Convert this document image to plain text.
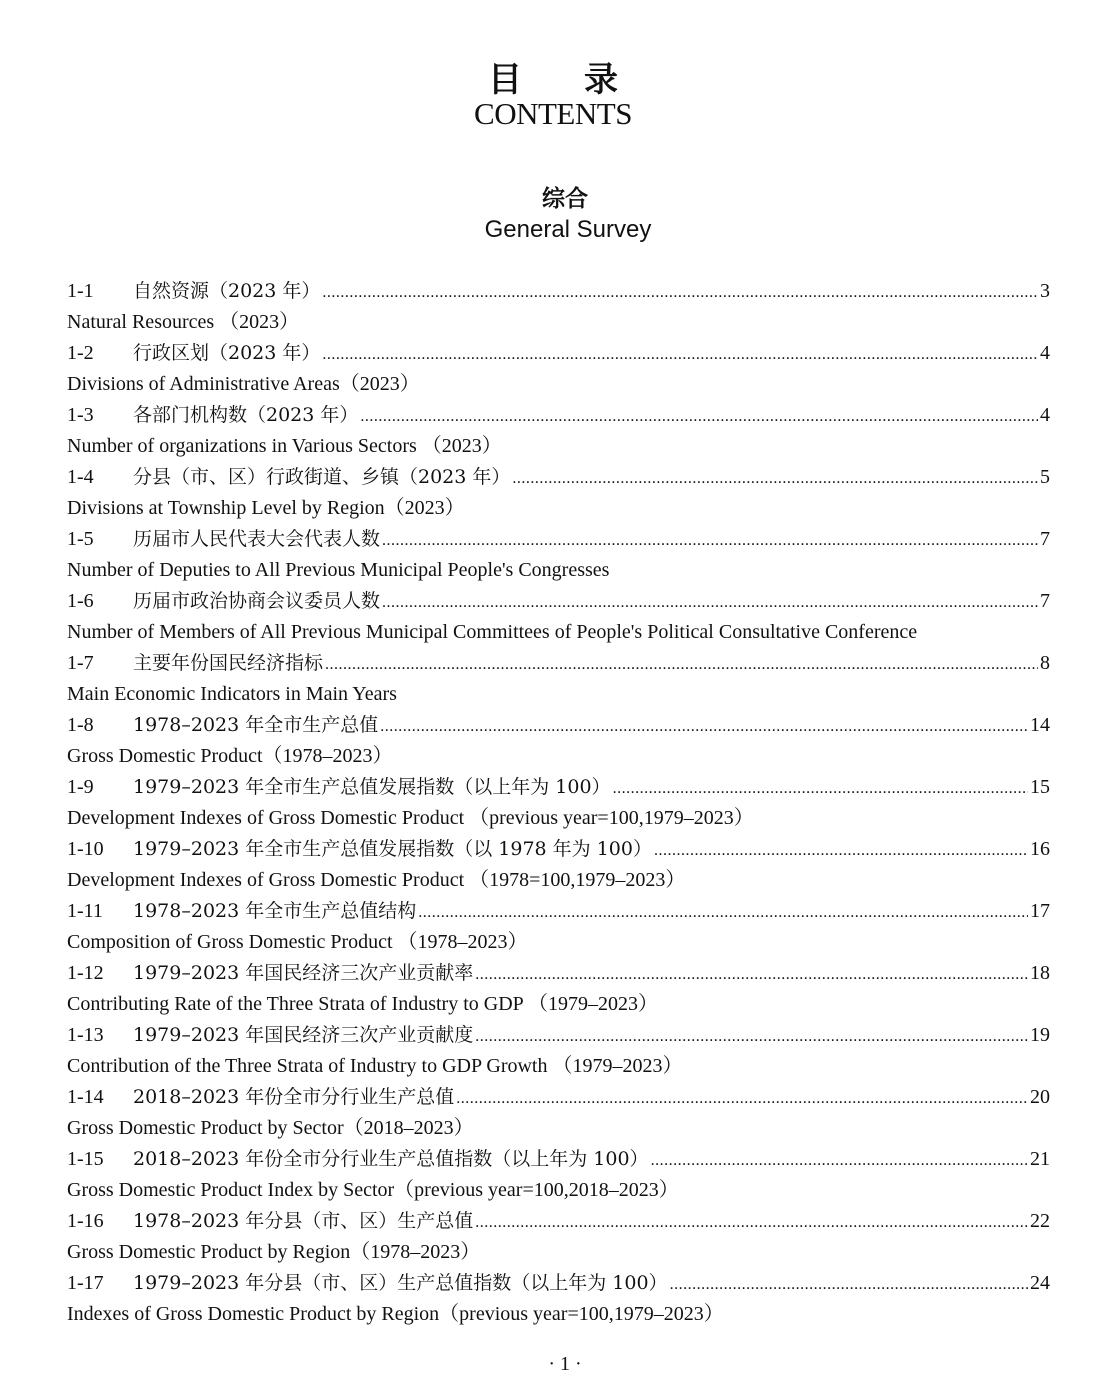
目 录
CONTENTS
综合
General Survey
1-1	自然资源（2023 年） .....	3
Natural Resources （2023）
1-2	行政区划（2023 年） .....	4
Divisions of Administrative Areas（2023）
1-3	各部门机构数（2023 年） .....	4
Number of organizations in Various Sectors （2023）
1-4	分县（市、区）行政街道、乡镇（2023 年） .....	5
Divisions at Township Level by Region（2023）
1-5	历届市人民代表大会代表人数 .....	7
Number of Deputies to All Previous Municipal People's Congresses
1-6	历届市政治协商会议委员人数 .....	7
Number of Members of All Previous Municipal Committees of People's Political Consultative Conference
1-7	主要年份国民经济指标 .....	8
Main Economic Indicators in Main Years
1-8	1978–2023 年全市生产总值 .....	14
Gross Domestic Product（1978–2023）
1-9	1979–2023 年全市生产总值发展指数（以上年为 100） .....	15
Development Indexes of Gross Domestic Product （previous year=100,1979–2023）
1-10	1979–2023 年全市生产总值发展指数（以 1978 年为 100） .....	16
Development Indexes of Gross Domestic Product （1978=100,1979–2023）
1-11	1978–2023 年全市生产总值结构 .....	17
Composition of Gross Domestic Product （1978–2023）
1-12	1979–2023 年国民经济三次产业贡献率 .....	18
Contributing Rate of the Three Strata of Industry to GDP （1979–2023）
1-13	1979–2023 年国民经济三次产业贡献度 .....	19
Contribution of the Three Strata of Industry to GDP Growth （1979–2023）
1-14	2018–2023 年份全市分行业生产总值 .....	20
Gross Domestic Product by Sector（2018–2023）
1-15	2018–2023 年份全市分行业生产总值指数（以上年为 100） .....	21
Gross Domestic Product Index by Sector（previous year=100,2018–2023）
1-16	1978–2023 年分县（市、区）生产总值 .....	22
Gross Domestic Product by Region（1978–2023）
1-17	1979–2023 年分县（市、区）生产总值指数（以上年为 100） .....	24
Indexes of Gross Domestic Product by Region（previous year=100,1979–2023）
· 1 ·
